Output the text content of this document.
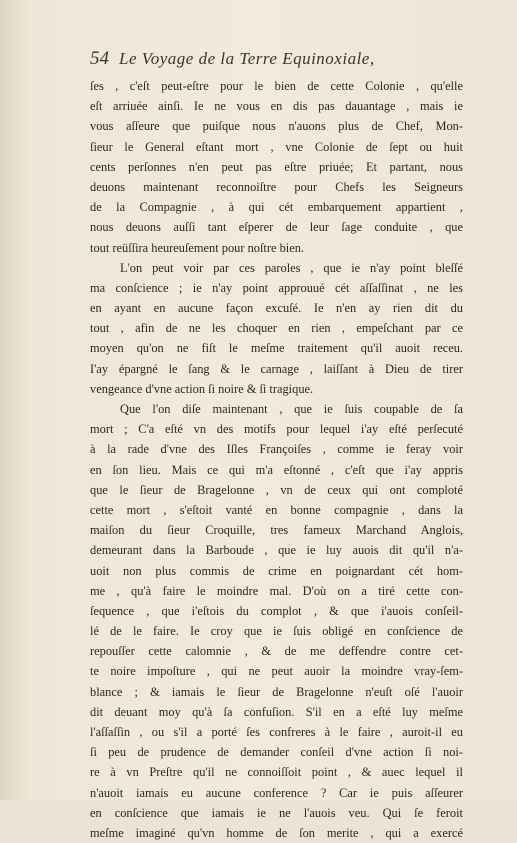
54 Le Voyage de la Terre Equinoxiale,
ſes , c'eſt peut-eſtre pour le bien de cette Colonie , qu'elle
eſt arriuée ainſi. Ie ne vous en dis pas dauantage , mais ie
vous aſſeure que puiſque nous n'auons plus de Chef, Mon-
ſieur le General eſtant mort , vne Colonie de ſept ou huit
cents perſonnes n'en peut pas eſtre priuée; Et partant, nous
deuons maintenant reconnoiſtre pour Chefs les Seigneurs
de la Compagnie , à qui cét embarquement appartient ,
nous deuons auſſi tant eſperer de leur ſage conduite , que
tout reüſſira heureuſement pour noſtre bien.
L'on peut voir par ces paroles , que ie n'ay point bleſſé
ma conſcience ; ie n'ay point approuué cét aſſaſſinat , ne les
en ayant en aucune façon excuſé. Ie n'en ay rien dit du
tout , afin de ne les choquer en rien , empeſchant par ce
moyen qu'on ne fiſt le meſme traitement qu'il auoit receu.
I'ay épargné le ſang & le carnage , laiſſant à Dieu de tirer
vengeance d'vne action ſi noire & ſi tragique.
Que l'on diſe maintenant , que ie ſuis coupable de ſa
mort ; C'a eſté vn des motifs pour lequel i'ay eſté perſecuté
à la rade d'vne des Iſles Françoiſes , comme ie feray voir
en ſon lieu. Mais ce qui m'a eſtonné , c'eſt que i'ay appris
que le ſieur de Bragelonne , vn de ceux qui ont comploté
cette mort , s'eſtoit vanté en bonne compagnie , dans la
maiſon du ſieur Croquille, tres fameux Marchand Anglois,
demeurant dans la Barboude , que ie luy auois dit qu'il n'a-
uoit non plus commis de crime en poignardant cét hom-
me , qu'à faire le moindre mal. D'où on a tiré cette con-
ſequence , que i'eſtois du complot , & que i'auois conſeil-
lé de le faire. Ie croy que ie ſuis obligé en conſcience de
repouſſer cette calomnie , & de me deffendre contre cet-
te noire impoſture , qui ne peut auoir la moindre vray-ſem-
blance ; & iamais le ſieur de Bragelonne n'euſt oſé l'auoir
dit deuant moy qu'à ſa confuſion. S'il en a eſté luy meſme
l'aſſaſſin , ou s'il a porté ſes confreres à le faire , auroit-il eu
ſi peu de prudence de demander conſeil d'vne action ſi noi-
re à vn Preſtre qu'il ne connoiſſoit point , & auec lequel il
n'auoit iamais eu aucune conference ? Car ie puis aſſeurer
en conſcience que iamais ie ne l'auois veu. Qui ſe feroit
meſme imaginé qu'vn homme de ſon merite , qui a exercé
